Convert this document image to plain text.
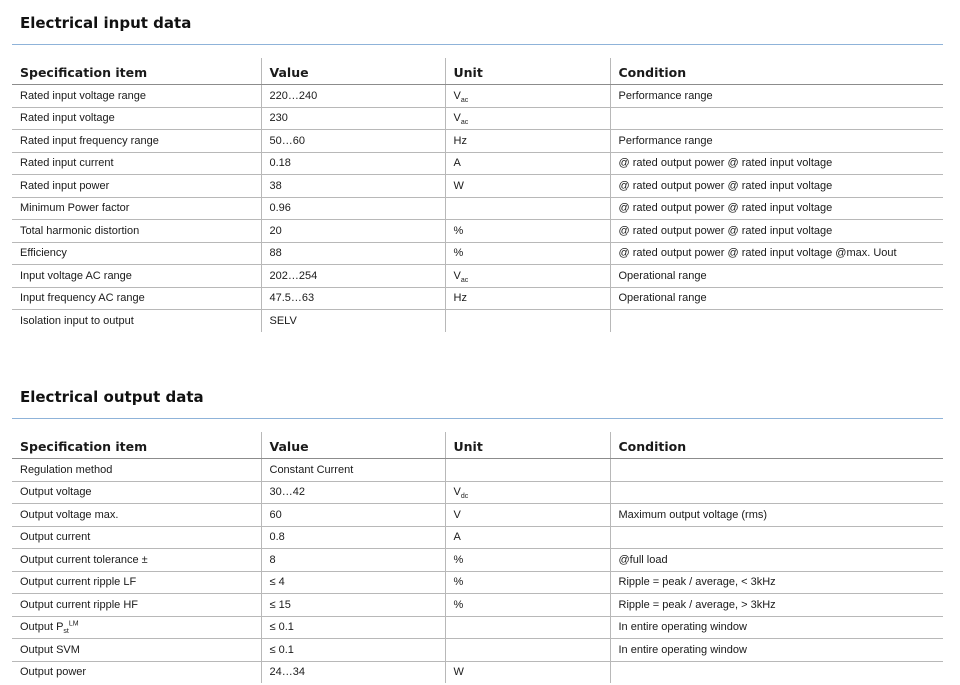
Electrical input data
Specification item	Value	Unit	Condition
Rated input voltage range	220…240	$V_{ac}$	Performance range
Rated input voltage	230	$V_{ac}$	
Rated input frequency range	50…60	Hz	Performance range
Rated input current	0.18	A	@ rated output power @ rated input voltage
Rated input power	38	W	@ rated output power @ rated input voltage
Minimum Power factor	0.96		@ rated output power @ rated input voltage
Total harmonic distortion	20	%	@ rated output power @ rated input voltage
Efficiency	88	%	@ rated output power @ rated input voltage @max. Uout
Input voltage AC range	202…254	$V_{ac}$	Operational range
Input frequency AC range	47.5…63	Hz	Operational range
Isolation input to output	SELV		
Electrical output data
Specification item	Value	Unit	Condition
Regulation method	Constant Current		
Output voltage	30…42	$V_{dc}$	
Output voltage max.	60	V	Maximum output voltage (rms)
Output current	0.8	A	
Output current tolerance ±	8	%	@full load
Output current ripple LF	≤ 4	%	Ripple = peak / average, < 3kHz
Output current ripple HF	≤ 15	%	Ripple = peak / average, > 3kHz
Output $P_{st}^{LM}$	≤ 0.1		In entire operating window
Output SVM	≤ 0.1		In entire operating window
Output power	24…34	W	
